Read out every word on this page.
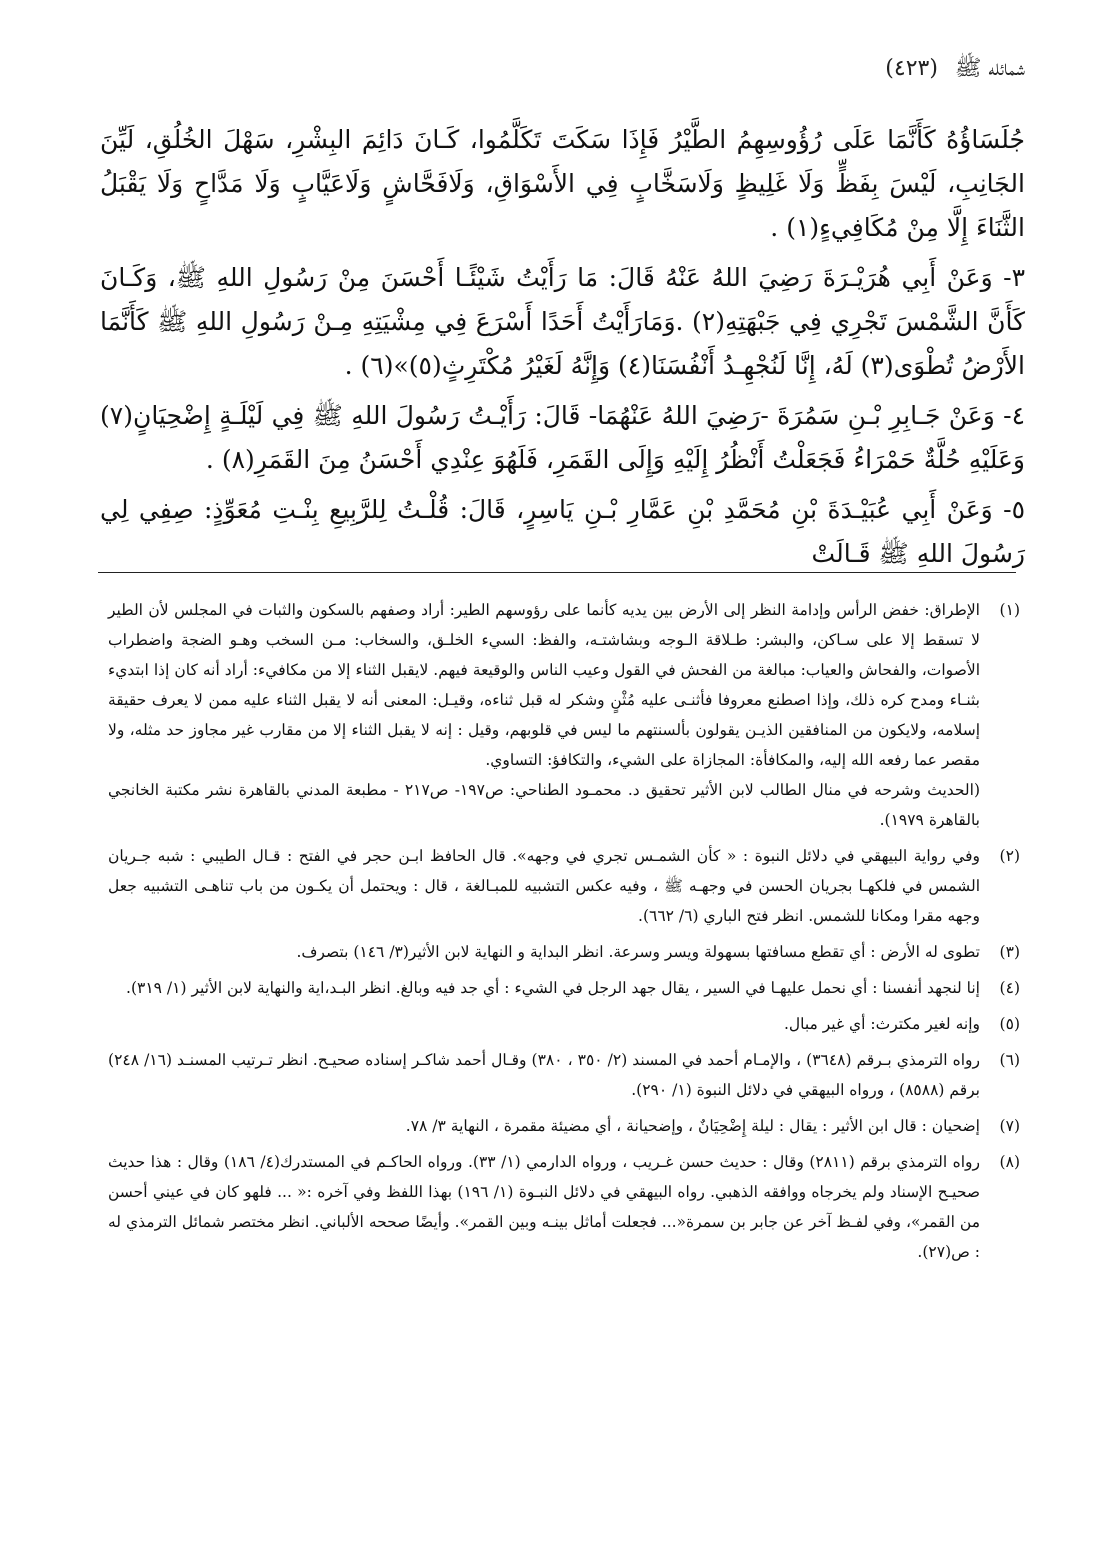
شمائله ﷺ (٤٢٣)

جُلَسَاؤُهُ كَأَنَّمَا عَلَى رُؤُوسِهِمُ الطَّيْرُ فَإِذَا سَكَتَ تَكَلَّمُوا، كَـانَ دَائِمَ البِشْرِ، سَهْلَ الخُلُقِ، لَيِّنَ الجَانِبِ، لَيْسَ بِفَظٍّ وَلَا غَلِيظٍ وَلَاسَخَّابٍ فِي الأَسْوَاقِ، وَلَافَحَّاشٍ وَلَاعَيَّابٍ وَلَا مَدَّاحٍ وَلَا يَقْبَلُ الثَّنَاءَ إِلَّا مِنْ مُكَافِيءٍ(١) .

٣- وَعَنْ أَبِي هُرَيْـرَةَ رَضِيَ اللهُ عَنْهُ قَالَ: مَا رَأَيْتُ شَيْئًـا أَحْسَنَ مِنْ رَسُولِ اللهِ ﷺ، وَكَـانَ كَأَنَّ الشَّمْسَ تَجْرِي فِي جَبْهَتِهِ(٢) .وَمَارَأَيْتُ أَحَدًا أَسْرَعَ فِي مِشْيَتِهِ مِـنْ رَسُولِ اللهِ ﷺ كَأَنَّمَا الأَرْضُ تُطْوَى(٣) لَهُ، إِنَّا لَنُجْهِـدُ أَنْفُسَنَا(٤) وَإِنَّهُ لَغَيْرُ مُكْتَرِثٍ(٥)»(٦) .

٤- وَعَنْ جَـابِرِ بْـنِ سَمُرَةَ -رَضِيَ اللهُ عَنْهُمَا- قَالَ: رَأَيْـتُ رَسُولَ اللهِ ﷺ فِي لَيْلَـةٍ إِضْحِيَانٍ(٧) وَعَلَيْهِ حُلَّةٌ حَمْرَاءُ فَجَعَلْتُ أَنْظُرُ إِلَيْهِ وَإِلَى القَمَرِ، فَلَهُوَ عِنْدِي أَحْسَنُ مِنَ القَمَرِ(٨) .

٥- وَعَنْ أَبِي عُبَيْـدَةَ بْنِ مُحَمَّدِ بْنِ عَمَّارِ بْـنِ يَاسِرٍ، قَالَ: قُلْـتُ لِلرَّبِيعِ بِنْـتِ مُعَوِّذٍ: صِفِي لِي رَسُولَ اللهِ ﷺ قَـالَتْ

(١)
الإطراق: خفض الرأس وإدامة النظر إلى الأرض بين يديه كأنما على رؤوسهم الطير: أراد وصفهم بالسكون والثبات في المجلس لأن الطير لا تسقط إلا على سـاكن، والبشر: طـلاقة الـوجه وبشاشتـه، والفظ: السيء الخلـق، والسخاب: مـن السخب وهـو الضجة واضطراب الأصوات، والفحاش والعياب: مبالغة من الفحش في القول وعيب الناس والوقيعة فيهم. لايقبل الثناء إلا من مكافيء: أراد أنه كان إذا ابتديء بثنـاء ومدح كره ذلك، وإذا اصطنع معروفا فأثنـى عليه مُثْنٍ وشكر له قبل ثناءه، وقيـل: المعنى أنه لا يقبل الثناء عليه ممن لا يعرف حقيقة إسلامه، ولايكون من المنافقين الذيـن يقولون بألسنتهم ما ليس في قلوبهم، وقيل : إنه لا يقبل الثناء إلا من مقارب غير مجاوز حد مثله، ولا مقصر عما رفعه الله إليه، والمكافأة: المجازاة على الشيء، والتكافؤ: التساوي.
(الحديث وشرحه في منال الطالب لابن الأثير تحقيق د. محمـود الطناحي: ص١٩٧- ص٢١٧ - مطبعة المدني بالقاهرة نشر مكتبة الخانجي بالقاهرة ١٩٧٩).
(٢)
وفي رواية البيهقي في دلائل النبوة : « كأن الشمـس تجري في وجهه». قال الحافظ ابـن حجر في الفتح : قـال الطيبي : شبه جـريان الشمس في فلكهـا بجريان الحسن في وجهـه ﷺ ، وفيه عكس التشبيه للمبـالغة ، قال : ويحتمل أن يكـون من باب تناهـى التشبيه جعل وجهه مقرا ومكانا للشمس. انظر فتح الباري (٦/ ٦٦٢).
(٣)
تطوى له الأرض : أي تقطع مسافتها بسهولة ويسر وسرعة. انظر البداية و النهاية لابن الأثير(٣/ ١٤٦) بتصرف.
(٤)
إنا لنجهد أنفسنا : أي نحمل عليهـا في السير ، يقال جهد الرجل في الشيء : أي جد فيه وبالغ. انظر البـد،اية والنهاية لابن الأثير (١/ ٣١٩).
(٥)
وإنه لغير مكترث: أي غير مبال.
(٦)
رواه الترمذي بـرقم (٣٦٤٨) ، والإمـام أحمد في المسند (٢/ ٣٥٠ ، ٣٨٠) وقـال أحمد شاكـر إسناده صحيـح. انظر تـرتيب المسنـد (١٦/ ٢٤٨) برقم (٨٥٨٨) ، ورواه البيهقي في دلائل النبوة (١/ ٢٩٠).
(٧)
إضحيان : قال ابن الأثير : يقال : ليلة إِضْحِيَانٌ ، وإضحيانة ، أي مضيئة مقمرة ، النهاية ٣/ ٧٨.
(٨)
رواه الترمذي برقم (٢٨١١) وقال : حديث حسن غـريب ، ورواه الدارمي (١/ ٣٣). ورواه الحاكـم في المستدرك(٤/ ١٨٦) وقال : هذا حديث صحيـح الإسناد ولم يخرجاه ووافقه الذهبي. رواه البيهقي في دلائل النبـوة (١/ ١٩٦) بهذا اللفظ وفي آخره :« ... فلهو كان في عيني أحسن من القمر»، وفي لفـظ آخر عن جابر بن سمرة«... فجعلت أماثل بينـه وبين القمر». وأيضًا صححه الألباني. انظر مختصر شمائل الترمذي له : ص(٢٧).
